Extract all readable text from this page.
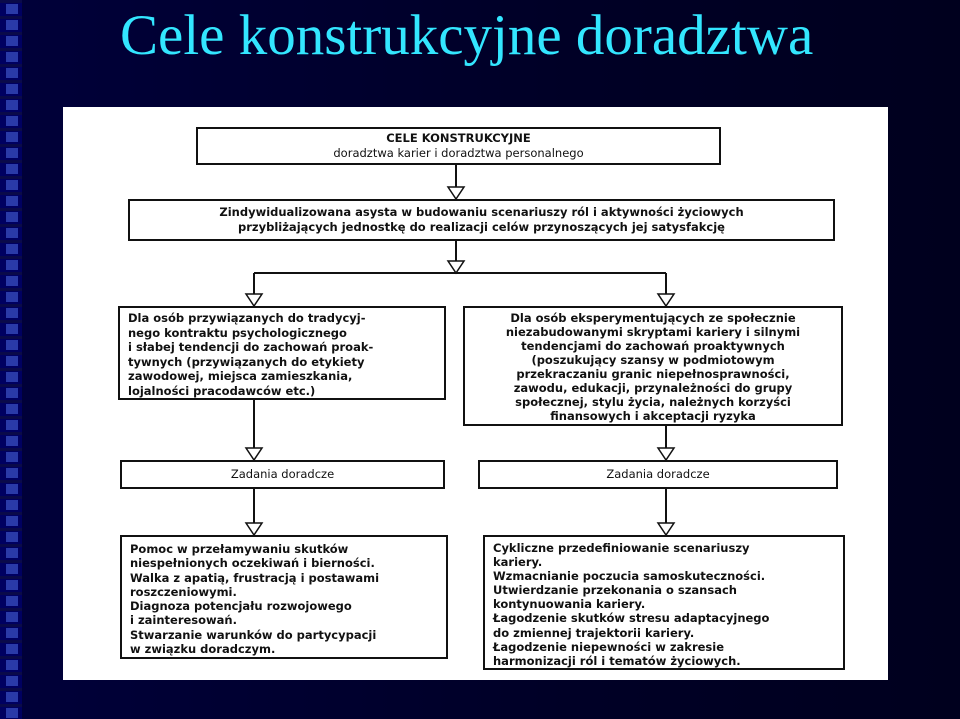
Cele konstrukcyjne doradztwa
CELE KONSTRUKCYJNE
doradztwa karier i doradztwa personalnego
Zindywidualizowana asysta w budowaniu scenariuszy ról i aktywności życiowych
przybliżających jednostkę do realizacji celów przynoszących jej satysfakcję
Dla osób przywiązanych do tradycyj-
nego kontraktu psychologicznego
i słabej tendencji do zachowań proak-
tywnych (przywiązanych do etykiety
zawodowej, miejsca zamieszkania,
lojalności pracodawców etc.)
Dla osób eksperymentujących ze społecznie
niezabudowanymi skryptami kariery i silnymi
tendencjami do zachowań proaktywnych
(poszukujący szansy w podmiotowym
przekraczaniu granic niepełnosprawności,
zawodu, edukacji, przynależności do grupy
społecznej, stylu życia, należnych korzyści
finansowych i akceptacji ryzyka
Zadania doradcze	Zadania doradcze
Pomoc w przełamywaniu skutków
niespełnionych oczekiwań i bierności.
Walka z apatią, frustracją i postawami
roszczeniowymi.
Diagnoza potencjału rozwojowego
i zainteresowań.
Stwarzanie warunków do partycypacji
w związku doradczym.
Cykliczne przedefiniowanie scenariuszy
kariery.
Wzmacnianie poczucia samoskuteczności.
Utwierdzanie przekonania o szansach
kontynuowania kariery.
Łagodzenie skutków stresu adaptacyjnego
do zmiennej trajektorii kariery.
Łagodzenie niepewności w zakresie
harmonizacji ról i tematów życiowych.
